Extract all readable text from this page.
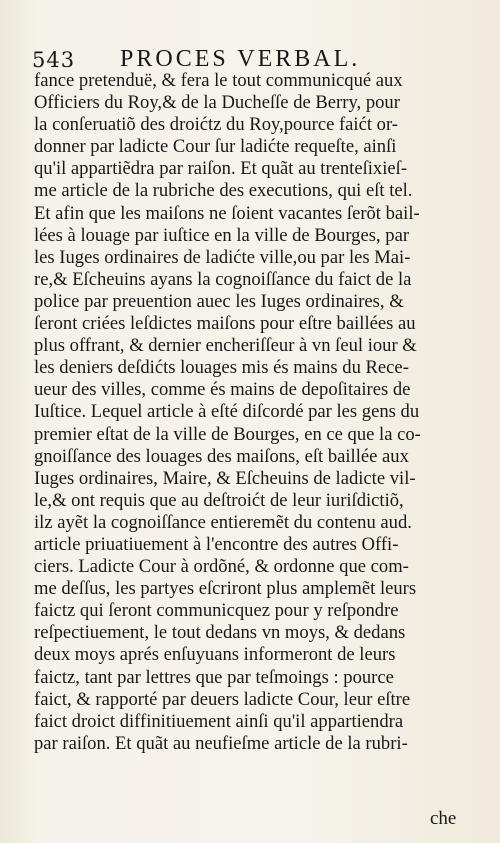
543 PROCES VERBAL.
fance pretenduë, & fera le tout communicqué aux
Officiers du Roy,& de la Ducheſſe de Berry, pour
la conſeruatiõ des droićtz du Roy,pource faićt or-
donner par ladicte Cour ſur ladićte requeſte, ainſi
qu'il appartiẽdra par raiſon. Et quãt au trenteſixieſ-
me article de la rubriche des executions, qui eſt tel.
Et afin que les maiſons ne ſoient vacantes ſerõt bail-
lées à louage par iuſtice en la ville de Bourges, par
les Iuges ordinaires de ladićte ville,ou par les Mai-
re,& Eſcheuins ayans la cognoiſſance du faict de la
police par preuention auec les Iuges ordinaires, &
ſeront criées leſdictes maiſons pour eſtre baillées au
plus offrant, & dernier encheriſſeur à vn ſeul iour &
les deniers deſdićts louages mis és mains du Rece-
ueur des villes, comme és mains de depoſitaires de
Iuſtice. Lequel article à eſté diſcordé par les gens du
premier eſtat de la ville de Bourges, en ce que la co-
gnoiſſance des louages des maiſons, eſt baillée aux
Iuges ordinaires, Maire, & Eſcheuins de ladicte vil-
le,& ont requis que au deſtroićt de leur iuriſdictiõ,
ilz ayẽt la cognoiſſance entieremẽt du contenu aud.
article priuatiuement à l'encontre des autres Offi-
ciers. Ladicte Cour à ordõné, & ordonne que com-
me deſſus, les partyes eſcriront plus amplemẽt leurs
faictz qui ſeront communicquez pour y reſpondre
reſpectiuement, le tout dedans vn moys, & dedans
deux moys aprés enſuyuans informeront de leurs
faictz, tant par lettres que par teſmoings : pource
faict, & rapporté par deuers ladicte Cour, leur eſtre
faict droict diffinitiuement ainſi qu'il appartiendra
par raiſon. Et quãt au neufieſme article de la rubri-
che
